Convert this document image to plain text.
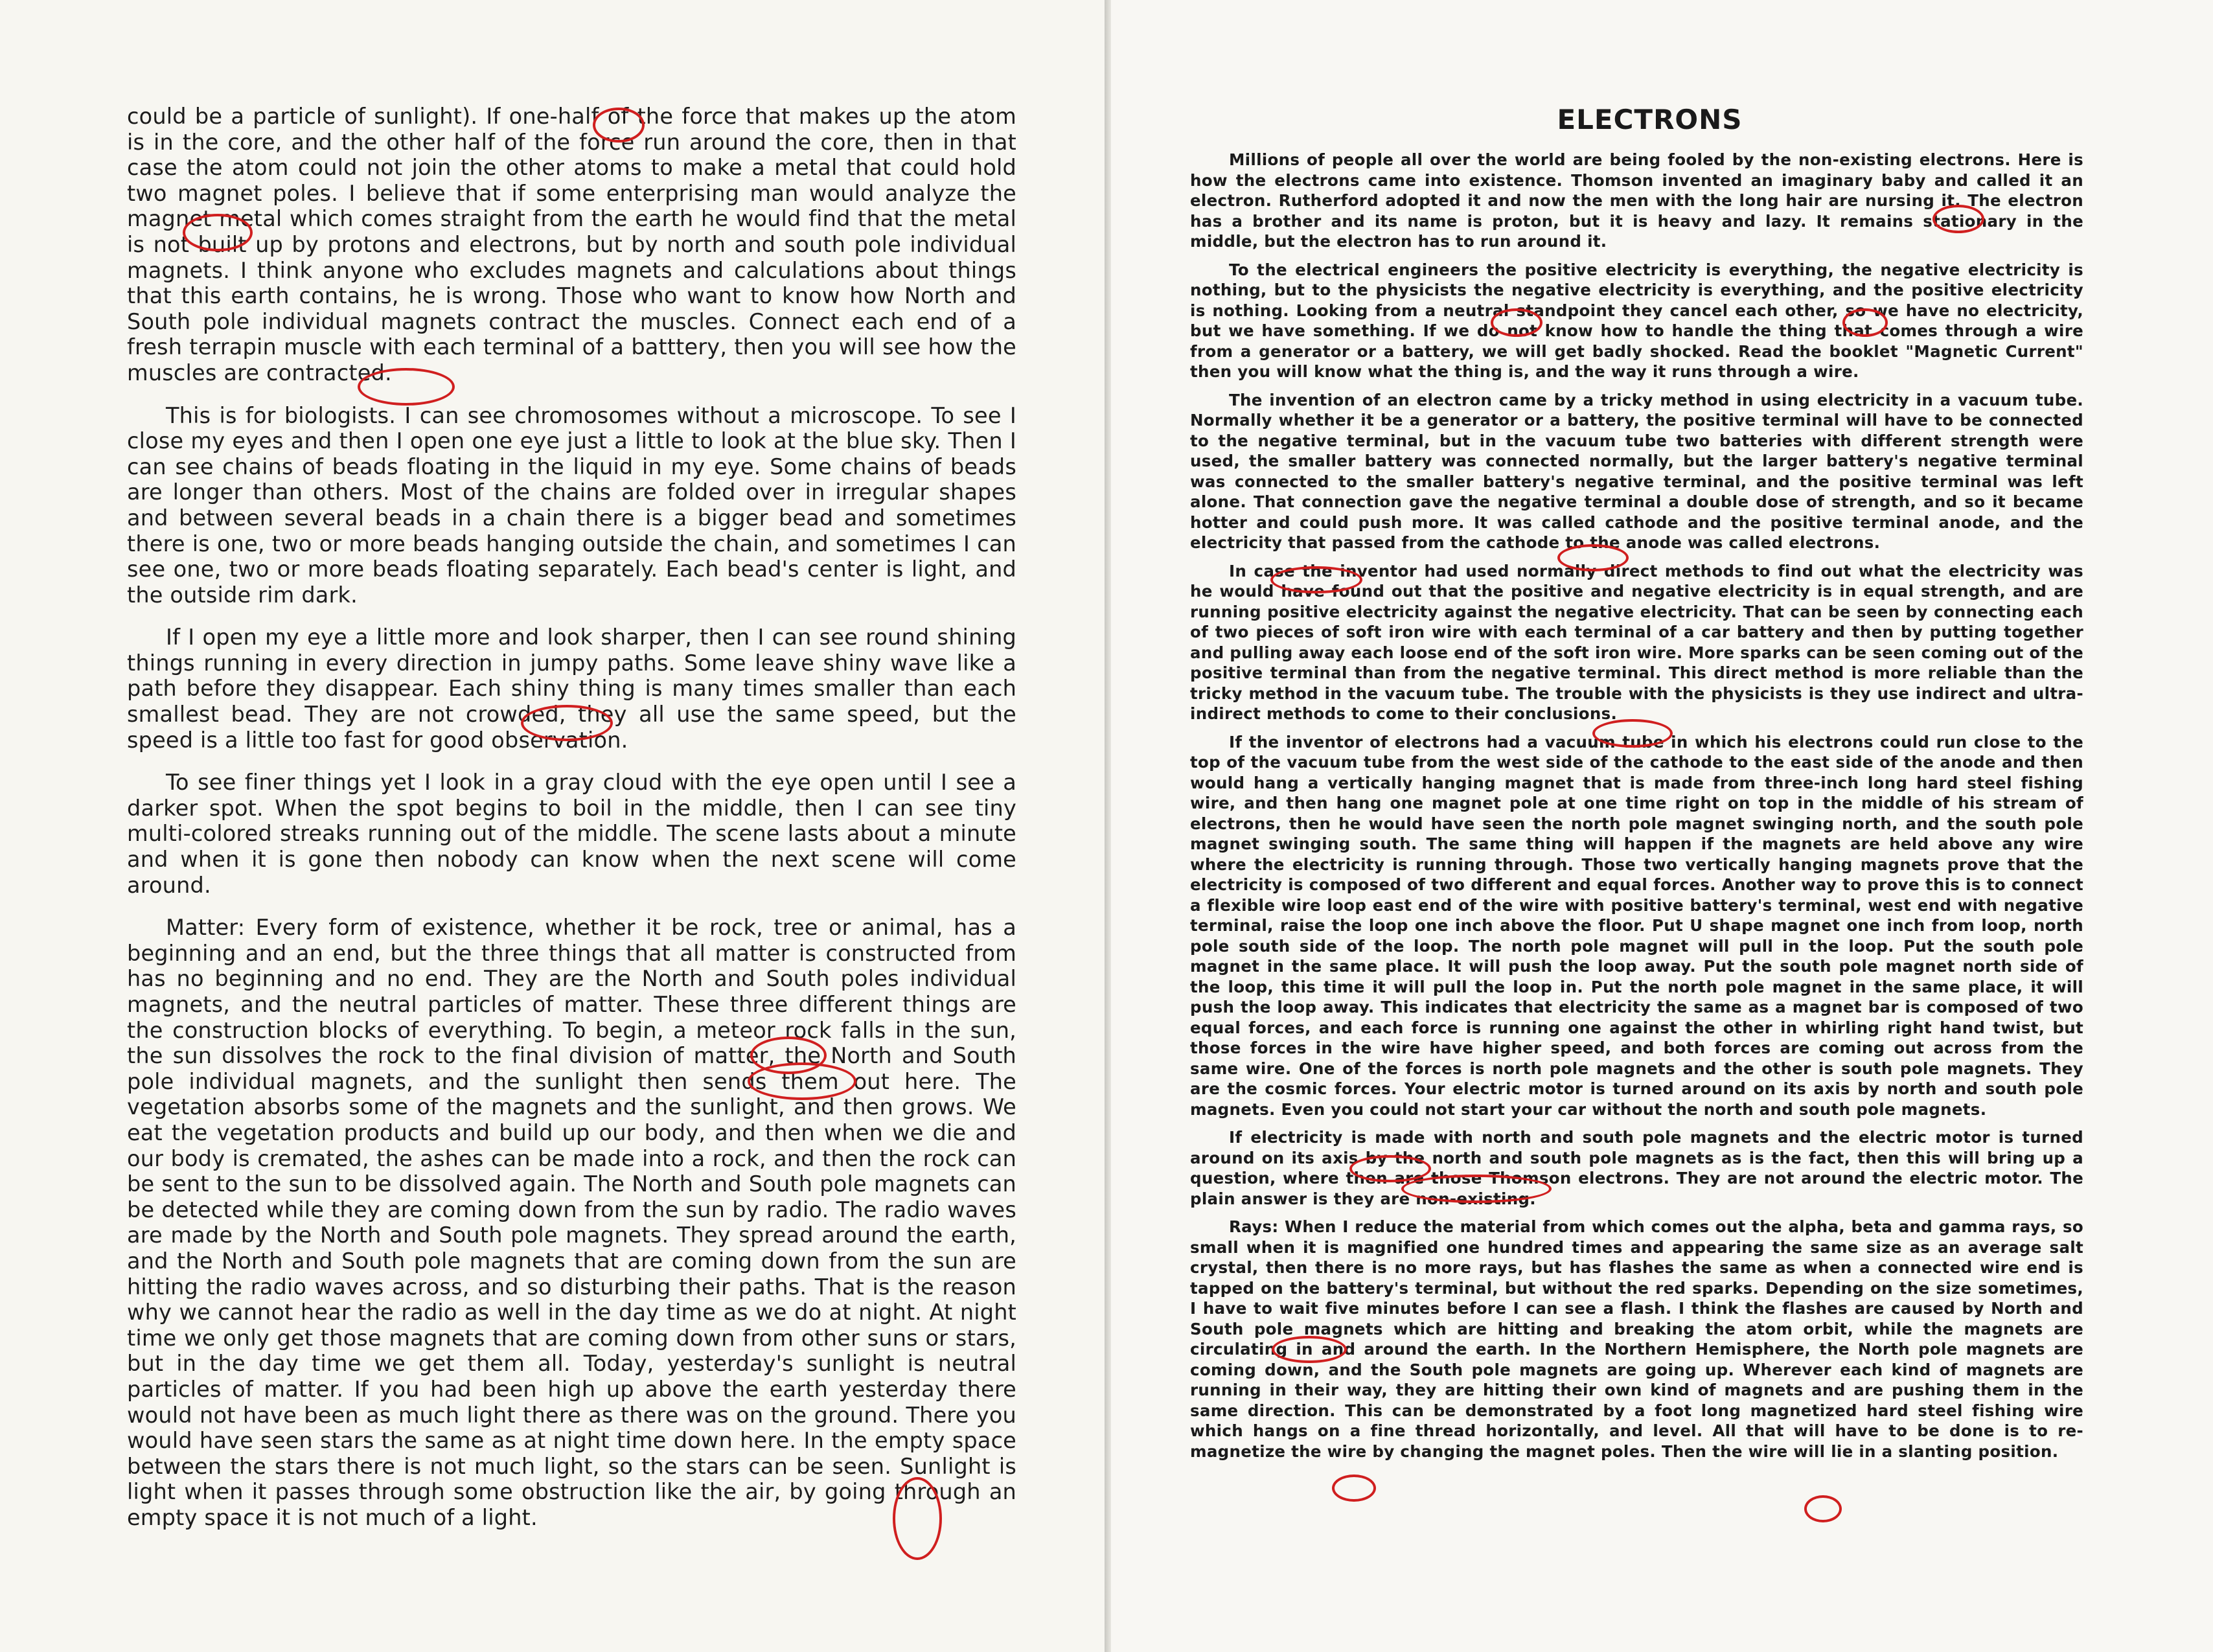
could be a particle of sunlight). If one-half of the force that makes up the atom is in the core, and the other half of the force run around the core, then in that case the atom could not join the other atoms to make a metal that could hold two magnet poles. I believe that if some enterprising man would analyze the magnet metal which comes straight from the earth he would find that the metal is not built up by protons and electrons, but by north and south pole individual magnets. I think anyone who excludes magnets and calculations about things that this earth contains, he is wrong. Those who want to know how North and South pole individual magnets contract the muscles. Connect each end of a fresh terrapin muscle with each terminal of a batttery, then you will see how the muscles are contracted.

This is for biologists. I can see chromosomes without a microscope. To see I close my eyes and then I open one eye just a little to look at the blue sky. Then I can see chains of beads floating in the liquid in my eye. Some chains of beads are longer than others. Most of the chains are folded over in irregular shapes and between several beads in a chain there is a bigger bead and sometimes there is one, two or more beads hanging outside the chain, and sometimes I can see one, two or more beads floating separately. Each bead's center is light, and the outside rim dark.

If I open my eye a little more and look sharper, then I can see round shining things running in every direction in jumpy paths. Some leave shiny wave like a path before they disappear. Each shiny thing is many times smaller than each smallest bead. They are not crowded, they all use the same speed, but the speed is a little too fast for good observation.

To see finer things yet I look in a gray cloud with the eye open until I see a darker spot. When the spot begins to boil in the middle, then I can see tiny multi-colored streaks running out of the middle. The scene lasts about a minute and when it is gone then nobody can know when the next scene will come around.

Matter: Every form of existence, whether it be rock, tree or animal, has a beginning and an end, but the three things that all matter is constructed from has no beginning and no end. They are the North and South poles individual magnets, and the neutral particles of matter. These three different things are the construction blocks of everything. To begin, a meteor rock falls in the sun, the sun dissolves the rock to the final division of matter, the North and South pole individual magnets, and the sunlight then sends them out here. The vegetation absorbs some of the magnets and the sunlight, and then grows. We eat the vegetation products and build up our body, and then when we die and our body is cremated, the ashes can be made into a rock, and then the rock can be sent to the sun to be dissolved again. The North and South pole magnets can be detected while they are coming down from the sun by radio. The radio waves are made by the North and South pole magnets. They spread around the earth, and the North and South pole magnets that are coming down from the sun are hitting the radio waves across, and so disturbing their paths. That is the reason why we cannot hear the radio as well in the day time as we do at night. At night time we only get those magnets that are coming down from other suns or stars, but in the day time we get them all. Today, yesterday's sunlight is neutral particles of matter. If you had been high up above the earth yesterday there would not have been as much light there as there was on the ground. There you would have seen stars the same as at night time down here. In the empty space between the stars there is not much light, so the stars can be seen. Sunlight is light when it passes through some obstruction like the air, by going through an empty space it is not much of a light.

ELECTRONS

Millions of people all over the world are being fooled by the non-existing electrons. Here is how the electrons came into existence. Thomson invented an imaginary baby and called it an electron. Rutherford adopted it and now the men with the long hair are nursing it. The electron has a brother and its name is proton, but it is heavy and lazy. It remains stationary in the middle, but the electron has to run around it.

To the electrical engineers the positive electricity is everything, the negative electricity is nothing, but to the physicists the negative electricity is everything, and the positive electricity is nothing. Looking from a neutral standpoint they cancel each other, so we have no electricity, but we have something. If we do not know how to handle the thing that comes through a wire from a generator or a battery, we will get badly shocked. Read the booklet "Magnetic Current" then you will know what the thing is, and the way it runs through a wire.

The invention of an electron came by a tricky method in using electricity in a vacuum tube. Normally whether it be a generator or a battery, the positive terminal will have to be connected to the negative terminal, but in the vacuum tube two batteries with different strength were used, the smaller battery was connected normally, but the larger battery's negative terminal was connected to the smaller battery's negative terminal, and the positive terminal was left alone. That connection gave the negative terminal a double dose of strength, and so it became hotter and could push more. It was called cathode and the positive terminal anode, and the electricity that passed from the cathode to the anode was called electrons.

In case the inventor had used normally direct methods to find out what the electricity was he would have found out that the positive and negative electricity is in equal strength, and are running positive electricity against the negative electricity. That can be seen by connecting each of two pieces of soft iron wire with each terminal of a car battery and then by putting together and pulling away each loose end of the soft iron wire. More sparks can be seen coming out of the positive terminal than from the negative terminal. This direct method is more reliable than the tricky method in the vacuum tube. The trouble with the physicists is they use indirect and ultra-indirect methods to come to their conclusions.

If the inventor of electrons had a vacuum tube in which his electrons could run close to the top of the vacuum tube from the west side of the cathode to the east side of the anode and then would hang a vertically hanging magnet that is made from three-inch long hard steel fishing wire, and then hang one magnet pole at one time right on top in the middle of his stream of electrons, then he would have seen the north pole magnet swinging north, and the south pole magnet swinging south. The same thing will happen if the magnets are held above any wire where the electricity is running through. Those two vertically hanging magnets prove that the electricity is composed of two different and equal forces. Another way to prove this is to connect a flexible wire loop east end of the wire with positive battery's terminal, west end with negative terminal, raise the loop one inch above the floor. Put U shape magnet one inch from loop, north pole south side of the loop. The north pole magnet will pull in the loop. Put the south pole magnet in the same place. It will push the loop away. Put the south pole magnet north side of the loop, this time it will pull the loop in. Put the north pole magnet in the same place, it will push the loop away. This indicates that electricity the same as a magnet bar is composed of two equal forces, and each force is running one against the other in whirling right hand twist, but those forces in the wire have higher speed, and both forces are coming out across from the same wire. One of the forces is north pole magnets and the other is south pole magnets. They are the cosmic forces. Your electric motor is turned around on its axis by north and south pole magnets. Even you could not start your car without the north and south pole magnets.

If electricity is made with north and south pole magnets and the electric motor is turned around on its axis by the north and south pole magnets as is the fact, then this will bring up a question, where then are those Thomson electrons. They are not around the electric motor. The plain answer is they are non-existing.

Rays: When I reduce the material from which comes out the alpha, beta and gamma rays, so small when it is magnified one hundred times and appearing the same size as an average salt crystal, then there is no more rays, but has flashes the same as when a connected wire end is tapped on the battery's terminal, but without the red sparks. Depending on the size sometimes, I have to wait five minutes before I can see a flash. I think the flashes are caused by North and South pole magnets which are hitting and breaking the atom orbit, while the magnets are circulating in and around the earth. In the Northern Hemisphere, the North pole magnets are coming down, and the South pole magnets are going up. Wherever each kind of magnets are running in their way, they are hitting their own kind of magnets and are pushing them in the same direction. This can be demonstrated by a foot long magnetized hard steel fishing wire which hangs on a fine thread horizontally, and level. All that will have to be done is to re-magnetize the wire by changing the magnet poles. Then the wire will lie in a slanting position.
